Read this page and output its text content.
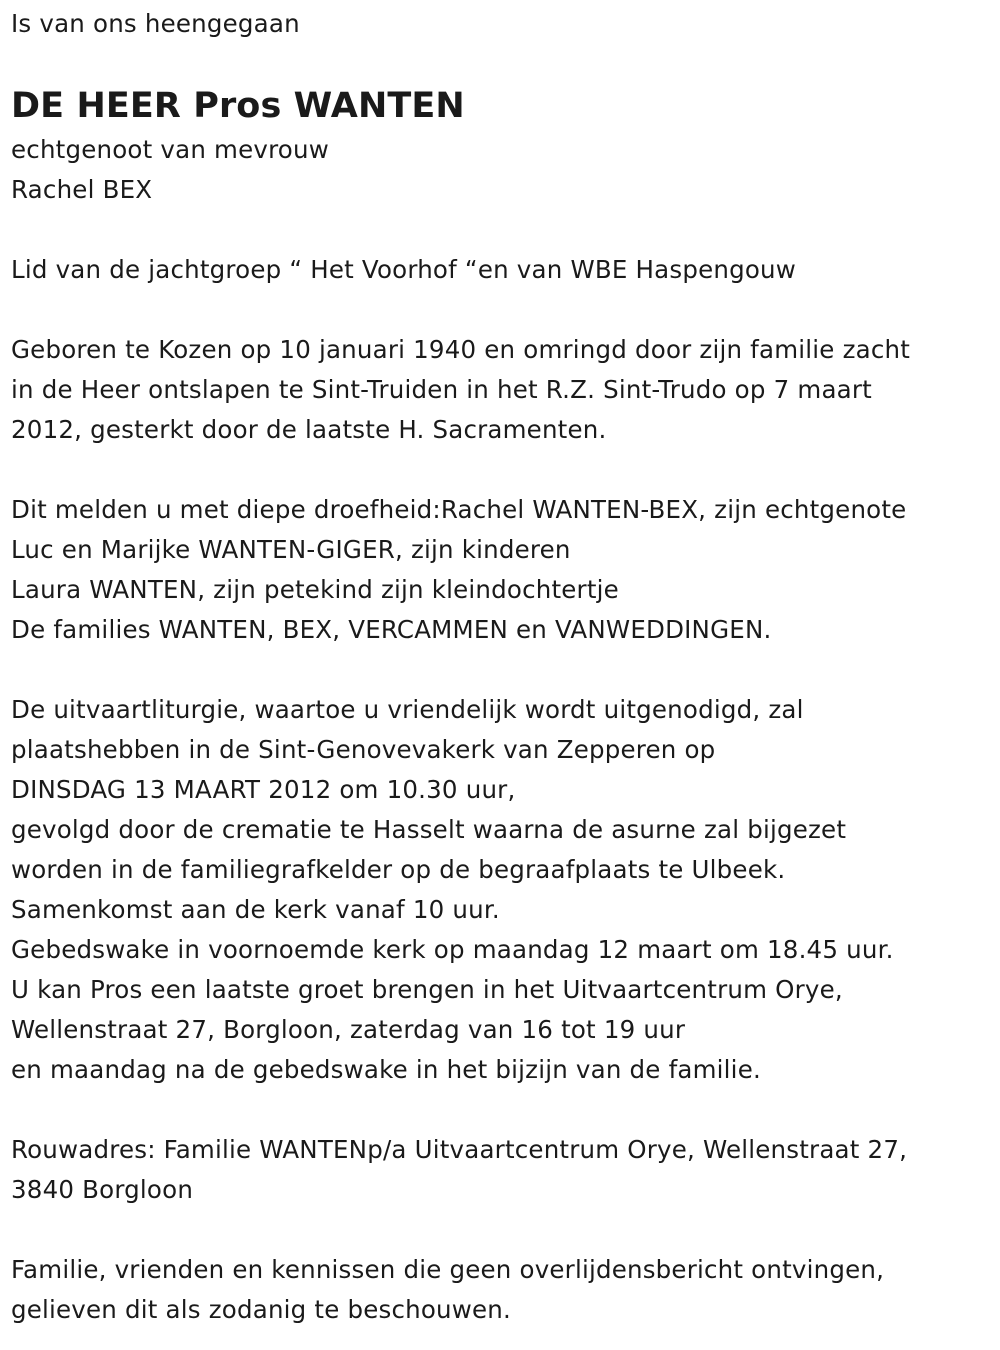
Is van ons heengegaan
DE HEER Pros WANTEN
echtgenoot van mevrouw
Rachel BEX
Lid van de jachtgroep “ Het Voorhof “en van WBE Haspengouw
Geboren te Kozen op 10 januari 1940 en omringd door zijn familie zacht
in de Heer ontslapen te Sint-Truiden in het R.Z. Sint-Trudo op 7 maart
2012, gesterkt door de laatste H. Sacramenten.
Dit melden u met diepe droefheid:Rachel WANTEN-BEX, zijn echtgenote
Luc en Marijke WANTEN-GIGER, zijn kinderen
Laura WANTEN, zijn petekind zijn kleindochtertje
De families WANTEN, BEX, VERCAMMEN en VANWEDDINGEN.
De uitvaartliturgie, waartoe u vriendelijk wordt uitgenodigd, zal
plaatshebben in de Sint-Genovevakerk van Zepperen op
DINSDAG 13 MAART 2012 om 10.30 uur,
gevolgd door de crematie te Hasselt waarna de asurne zal bijgezet
worden in de familiegrafkelder op de begraafplaats te Ulbeek.
Samenkomst aan de kerk vanaf 10 uur.
Gebedswake in voornoemde kerk op maandag 12 maart om 18.45 uur.
U kan Pros een laatste groet brengen in het Uitvaartcentrum Orye,
Wellenstraat 27, Borgloon, zaterdag van 16 tot 19 uur
en maandag na de gebedswake in het bijzijn van de familie.
Rouwadres: Familie WANTENp/a Uitvaartcentrum Orye, Wellenstraat 27,
3840 Borgloon
Familie, vrienden en kennissen die geen overlijdensbericht ontvingen,
gelieven dit als zodanig te beschouwen.
